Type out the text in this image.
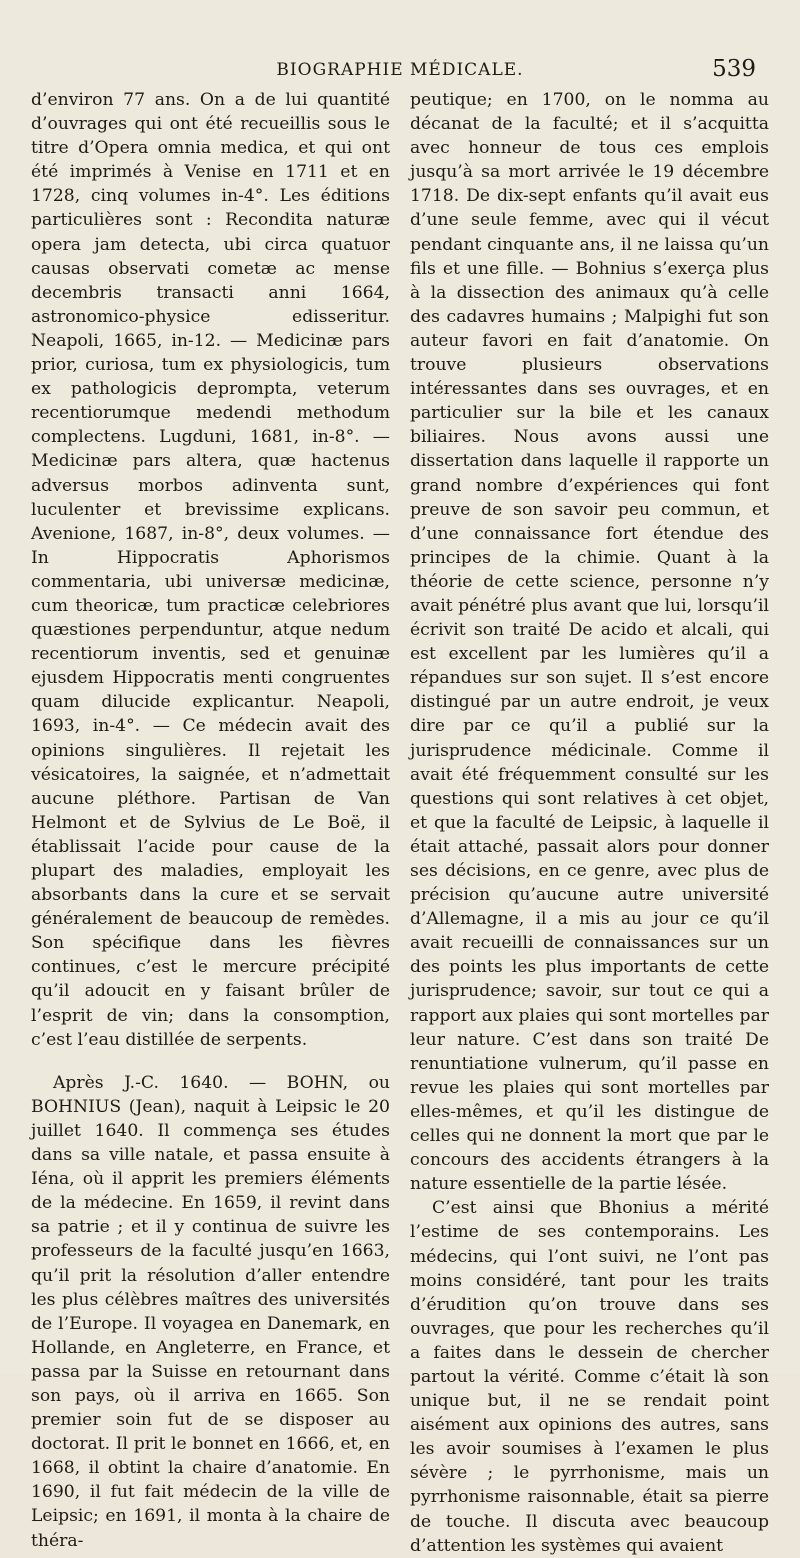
BIOGRAPHIE MÉDICALE.	539

d’environ 77 ans. On a de lui quantité d’ouvrages qui ont été recueillis sous le titre d’Opera omnia medica, et qui ont été imprimés à Venise en 1711 et en 1728, cinq volumes in-4°. Les éditions particulières sont : Recondita naturæ opera jam detecta, ubi circa quatuor causas observati cometæ ac mense decembris transacti anni 1664, astronomico-physice edisseritur. Neapoli, 1665, in-12. — Medicinæ pars prior, curiosa, tum ex physiologicis, tum ex pathologicis deprompta, veterum recentiorumque medendi methodum complectens. Lugduni, 1681, in-8°. — Medicinæ pars altera, quæ hactenus adversus morbos adinventa sunt, luculenter et brevissime explicans. Avenione, 1687, in-8°, deux volumes. — In Hippocratis Aphorismos commentaria, ubi universæ medicinæ, cum theoricæ, tum practicæ celebriores quæstiones perpenduntur, atque nedum recentiorum inventis, sed et genuinæ ejusdem Hippocratis menti congruentes quam dilucide explicantur. Neapoli, 1693, in-4°. — Ce médecin avait des opinions singulières. Il rejetait les vésicatoires, la saignée, et n’admettait aucune pléthore. Partisan de Van Helmont et de Sylvius de Le Boë, il établissait l’acide pour cause de la plupart des maladies, employait les absorbants dans la cure et se servait généralement de beaucoup de remèdes. Son spécifique dans les fièvres continues, c’est le mercure précipité qu’il adoucit en y faisant brûler de l’esprit de vin; dans la consomption, c’est l’eau distillée de serpents.

Après J.-C. 1640. — BOHN, ou BOHNIUS (Jean), naquit à Leipsic le 20 juillet 1640. Il commença ses études dans sa ville natale, et passa ensuite à Iéna, où il apprit les premiers éléments de la médecine. En 1659, il revint dans sa patrie ; et il y continua de suivre les professeurs de la faculté jusqu’en 1663, qu’il prit la résolution d’aller entendre les plus célèbres maîtres des universités de l’Europe. Il voyagea en Danemark, en Hollande, en Angleterre, en France, et passa par la Suisse en retournant dans son pays, où il arriva en 1665. Son premier soin fut de se disposer au doctorat. Il prit le bonnet en 1666, et, en 1668, il obtint la chaire d’anatomie. En 1690, il fut fait médecin de la ville de Leipsic; en 1691, il monta à la chaire de théra-

peutique; en 1700, on le nomma au décanat de la faculté; et il s’acquitta avec honneur de tous ces emplois jusqu’à sa mort arrivée le 19 décembre 1718. De dix-sept enfants qu’il avait eus d’une seule femme, avec qui il vécut pendant cinquante ans, il ne laissa qu’un fils et une fille. — Bohnius s’exerça plus à la dissection des animaux qu’à celle des cadavres humains ; Malpighi fut son auteur favori en fait d’anatomie. On trouve plusieurs observations intéressantes dans ses ouvrages, et en particulier sur la bile et les canaux biliaires. Nous avons aussi une dissertation dans laquelle il rapporte un grand nombre d’expériences qui font preuve de son savoir peu commun, et d’une connaissance fort étendue des principes de la chimie. Quant à la théorie de cette science, personne n’y avait pénétré plus avant que lui, lorsqu’il écrivit son traité De acido et alcali, qui est excellent par les lumières qu’il a répandues sur son sujet. Il s’est encore distingué par un autre endroit, je veux dire par ce qu’il a publié sur la jurisprudence médicinale. Comme il avait été fréquemment consulté sur les questions qui sont relatives à cet objet, et que la faculté de Leipsic, à laquelle il était attaché, passait alors pour donner ses décisions, en ce genre, avec plus de précision qu’aucune autre université d’Allemagne, il a mis au jour ce qu’il avait recueilli de connaissances sur un des points les plus importants de cette jurisprudence; savoir, sur tout ce qui a rapport aux plaies qui sont mortelles par leur nature. C’est dans son traité De renuntiatione vulnerum, qu’il passe en revue les plaies qui sont mortelles par elles-mêmes, et qu’il les distingue de celles qui ne donnent la mort que par le concours des accidents étrangers à la nature essentielle de la partie lésée.

C’est ainsi que Bhonius a mérité l’estime de ses contemporains. Les médecins, qui l’ont suivi, ne l’ont pas moins considéré, tant pour les traits d’érudition qu’on trouve dans ses ouvrages, que pour les recherches qu’il a faites dans le dessein de chercher partout la vérité. Comme c’était là son unique but, il ne se rendait point aisément aux opinions des autres, sans les avoir soumises à l’examen le plus sévère ; le pyrrhonisme, mais un pyrrhonisme raisonnable, était sa pierre de touche. Il discuta avec beaucoup d’attention les systèmes qui avaient
